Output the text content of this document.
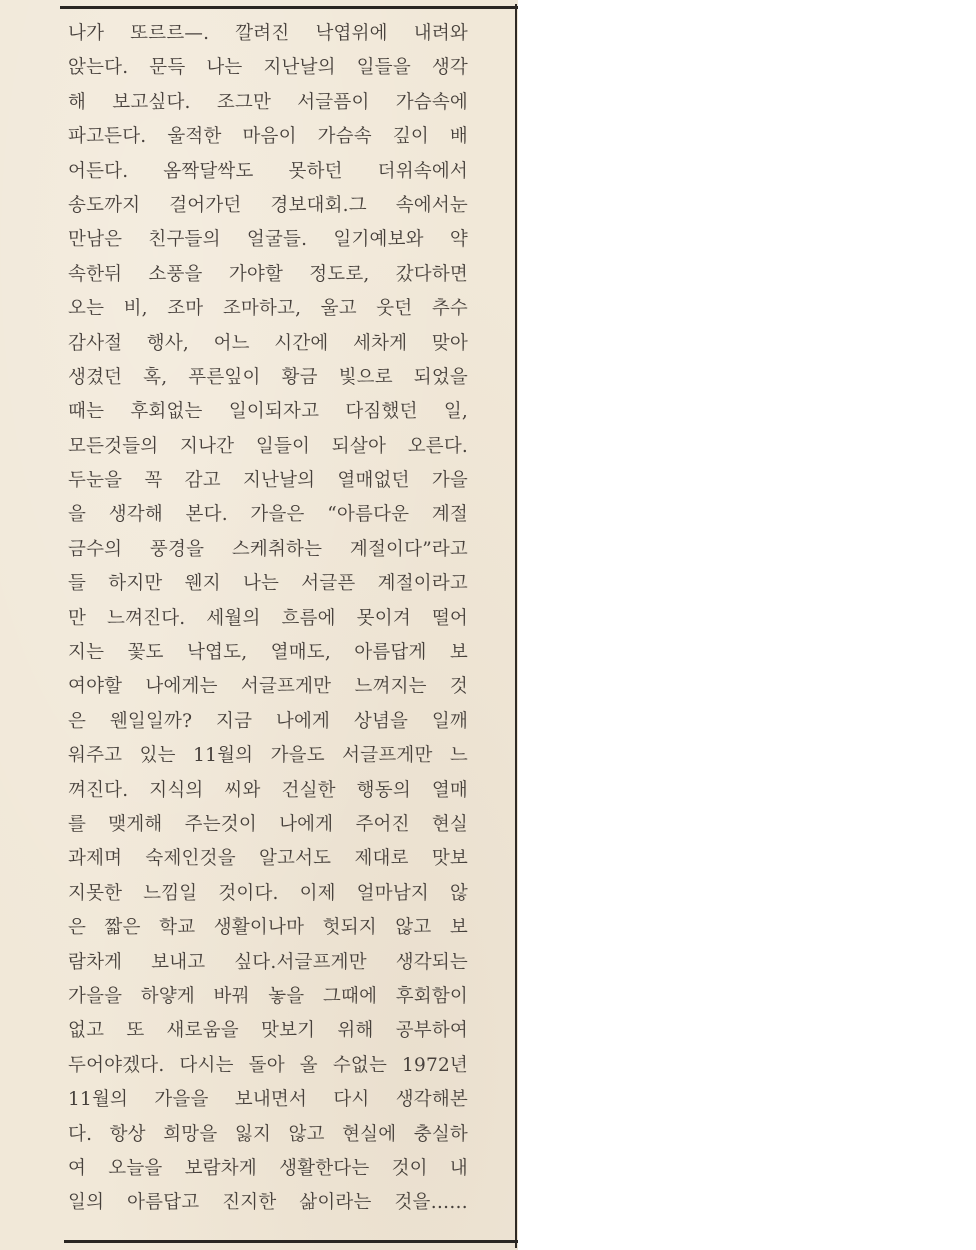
나가 또르르—. 깔려진 낙엽위에 내려와
앉는다. 문득 나는 지난날의 일들을 생각
해 보고싶다. 조그만 서글픔이 가슴속에
파고든다. 울적한 마음이 가슴속 깊이 배
어든다. 옴짝달싹도 못하던 더위속에서
송도까지 걸어가던 경보대회.그 속에서눈
만남은 친구들의 얼굴들. 일기예보와 약
속한뒤 소풍을 가야할 정도로, 갔다하면
오는 비, 조마 조마하고, 울고 웃던 추수
감사절 행사, 어느 시간에 세차게 맞아
생겼던 혹, 푸른잎이 황금 빛으로 되었을
때는 후회없는 일이되자고 다짐했던 일,
모든것들의 지나간 일들이 되살아 오른다.
두눈을 꼭 감고 지난날의 열매없던 가을
을 생각해 본다. 가을은 “아름다운 계절
금수의 풍경을 스케취하는 계절이다”라고
들 하지만 웬지 나는 서글픈 계절이라고
만 느껴진다. 세월의 흐름에 못이겨 떨어
지는 꽃도 낙엽도, 열매도, 아름답게 보
여야할 나에게는 서글프게만 느껴지는 것
은 웬일일까? 지금 나에게 상념을 일깨
워주고 있는 11월의 가을도 서글프게만 느
껴진다. 지식의 씨와 건실한 행동의 열매
를 맺게해 주는것이 나에게 주어진 현실
과제며 숙제인것을 알고서도 제대로 맛보
지못한 느낌일 것이다. 이제 얼마남지 않
은 짧은 학교 생활이나마 헛되지 않고 보
람차게 보내고 싶다.서글프게만 생각되는
가을을 하얗게 바꿔 놓을 그때에 후회함이
없고 또 새로움을 맛보기 위해 공부하여
두어야겠다. 다시는 돌아 올 수없는 1972년
11월의 가을을 보내면서 다시 생각해본
다. 항상 희망을 잃지 않고 현실에 충실하
여 오늘을 보람차게 생활한다는 것이 내
일의 아름답고 진지한 삶이라는 것을……
